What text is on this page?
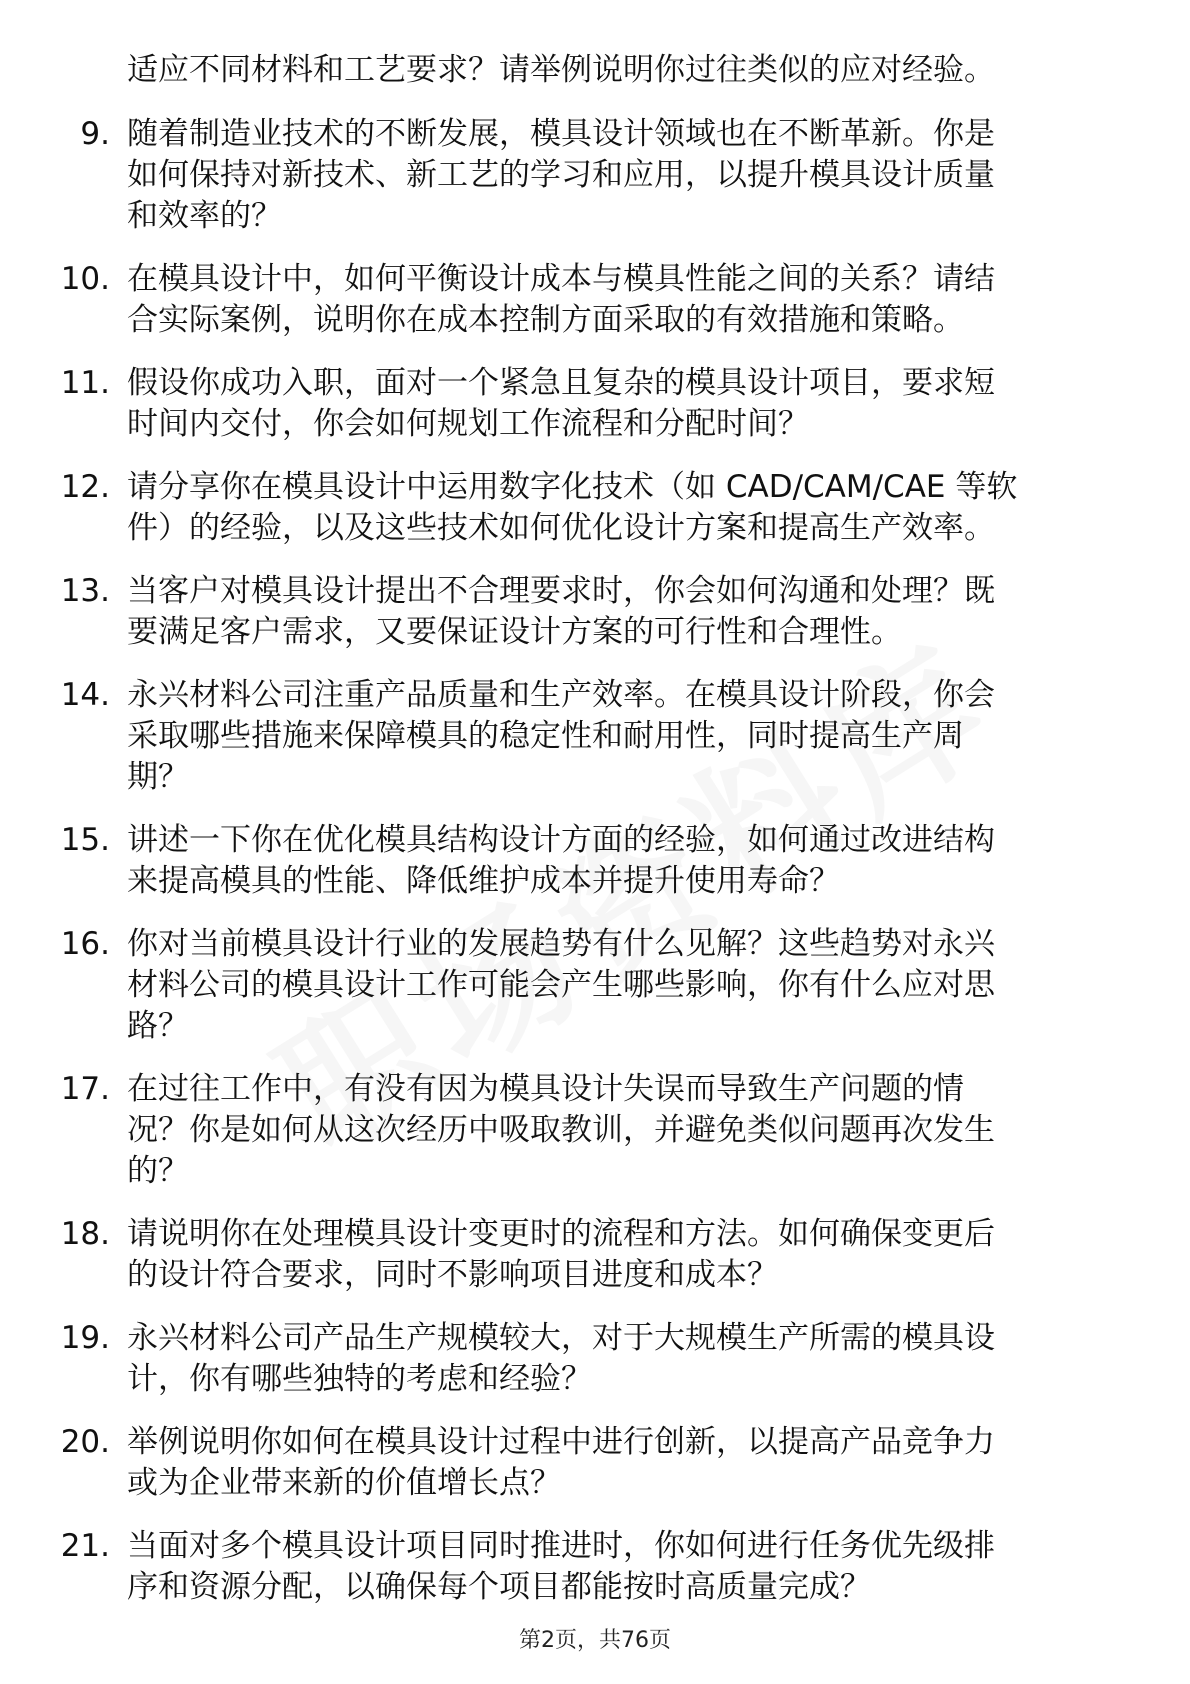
适应不同材料和工艺要求？请举例说明你过往类似的应对经验。
9. 随着制造业技术的不断发展，模具设计领域也在不断革新。你是
如何保持对新技术、新工艺的学习和应用，以提升模具设计质量
和效率的？
10. 在模具设计中，如何平衡设计成本与模具性能之间的关系？请结
合实际案例，说明你在成本控制方面采取的有效措施和策略。
11. 假设你成功入职，面对一个紧急且复杂的模具设计项目，要求短
时间内交付，你会如何规划工作流程和分配时间？
12. 请分享你在模具设计中运用数字化技术（如 CAD/CAM/CAE 等软
件）的经验，以及这些技术如何优化设计方案和提高生产效率。
13. 当客户对模具设计提出不合理要求时，你会如何沟通和处理？既
要满足客户需求，又要保证设计方案的可行性和合理性。
14. 永兴材料公司注重产品质量和生产效率。在模具设计阶段，你会
采取哪些措施来保障模具的稳定性和耐用性，同时提高生产周
期？
15. 讲述一下你在优化模具结构设计方面的经验，如何通过改进结构
来提高模具的性能、降低维护成本并提升使用寿命？
16. 你对当前模具设计行业的发展趋势有什么见解？这些趋势对永兴
材料公司的模具设计工作可能会产生哪些影响，你有什么应对思
路？
17. 在过往工作中，有没有因为模具设计失误而导致生产问题的情
况？你是如何从这次经历中吸取教训，并避免类似问题再次发生
的？
18. 请说明你在处理模具设计变更时的流程和方法。如何确保变更后
的设计符合要求，同时不影响项目进度和成本？
19. 永兴材料公司产品生产规模较大，对于大规模生产所需的模具设
计，你有哪些独特的考虑和经验？
20. 举例说明你如何在模具设计过程中进行创新，以提高产品竞争力
或为企业带来新的价值增长点？
21. 当面对多个模具设计项目同时推进时，你如何进行任务优先级排
序和资源分配，以确保每个项目都能按时高质量完成？
第2页，共76页
